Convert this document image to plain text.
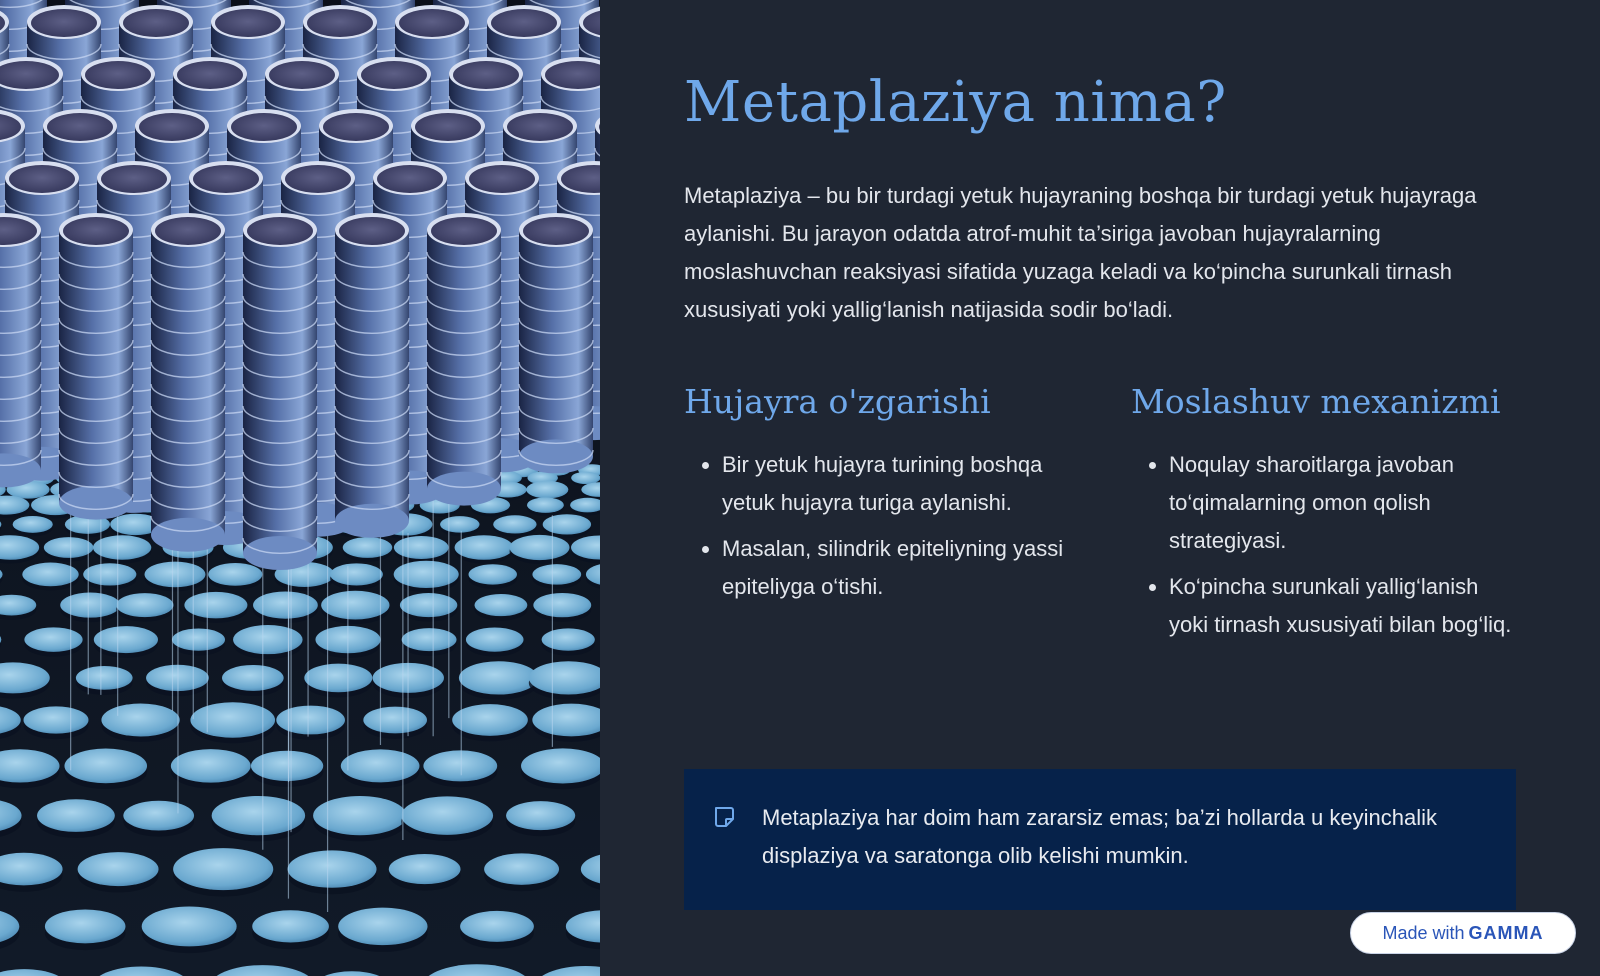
Metaplaziya nima?

Metaplaziya – bu bir turdagi yetuk hujayraning boshqa bir turdagi yetuk hujayraga aylanishi. Bu jarayon odatda atrof-muhit ta’siriga javoban hujayralarning moslashuvchan reaksiyasi sifatida yuzaga keladi va ko‘pincha surunkali tirnash xususiyati yoki yallig‘lanish natijasida sodir bo‘ladi.

Hujayra o'zgarishi
• Bir yetuk hujayra turining boshqa yetuk hujayra turiga aylanishi.
• Masalan, silindrik epiteliyning yassi epiteliyga o‘tishi.
Moslashuv mexanizmi
• Noqulay sharoitlarga javoban to‘qimalarning omon qolish strategiyasi.
• Ko‘pincha surunkali yallig‘lanish yoki tirnash xususiyati bilan bog‘liq.

Metaplaziya har doim ham zararsiz emas; ba’zi hollarda u keyinchalik displaziya va saratonga olib kelishi mumkin.

Made with GAMMA
